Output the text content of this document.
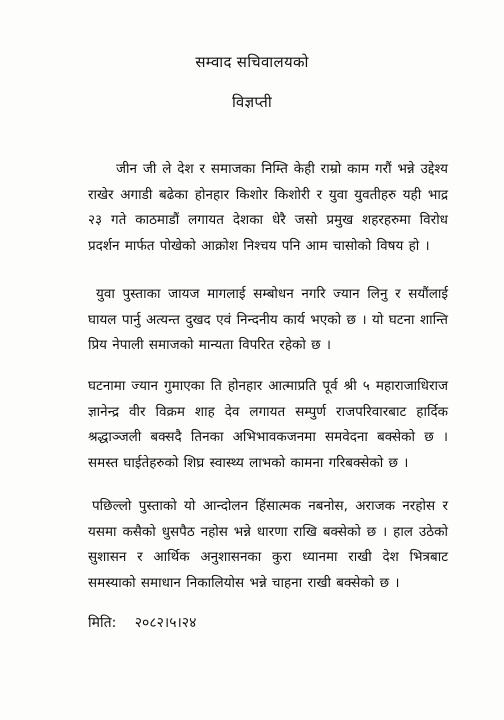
सम्वाद सचिवालयको
विज्ञप्ती
जीन जी ले देश र समाजका निम्ति केही राम्रो काम गरौं भन्ने उद्देश्य राखेर अगाडी बढेका होनहार किशोर किशोरी र युवा युवतीहरु यही भाद्र २३ गते काठमाडौं लगायत देशका धेरै जसो प्रमुख शहरहरुमा विरोध प्रदर्शन मार्फत पोखेको आक्रोश निश्चय पनि आम चासोको विषय हो ।
युवा पुस्ताका जायज मागलाई सम्बोधन नगरि ज्यान लिनु र सयौंलाई घायल पार्नु अत्यन्त दुखद एवं निन्दनीय कार्य भएको छ । यो घटना शान्ति प्रिय नेपाली समाजको मान्यता विपरित रहेको छ ।
घटनामा ज्यान गुमाएका ति होनहार आत्माप्रति पूर्व श्री ५ महाराजाधिराज ज्ञानेन्द्र वीर विक्रम शाह देव लगायत सम्पुर्ण राजपरिवारबाट हार्दिक श्रद्धाञ्जली बक्सदै तिनका अभिभावकजनमा समवेदना बक्सेको छ । समस्त घाईतेहरुको शिघ्र स्वास्थ्य लाभको कामना गरिबक्सेको छ ।
पछिल्लो पुस्ताको यो आन्दोलन हिंसात्मक नबनोस, अराजक नरहोस र यसमा कसैको धुसपैठ नहोस भन्ने धारणा राखि बक्सेको छ । हाल उठेको सुशासन र आर्थिक अनुशासनका कुरा ध्यानमा राखी देश भित्रबाट समस्याको समाधान निकालियोस भन्ने चाहना राखी बक्सेको छ ।
मिति: २०८२।५।२४
